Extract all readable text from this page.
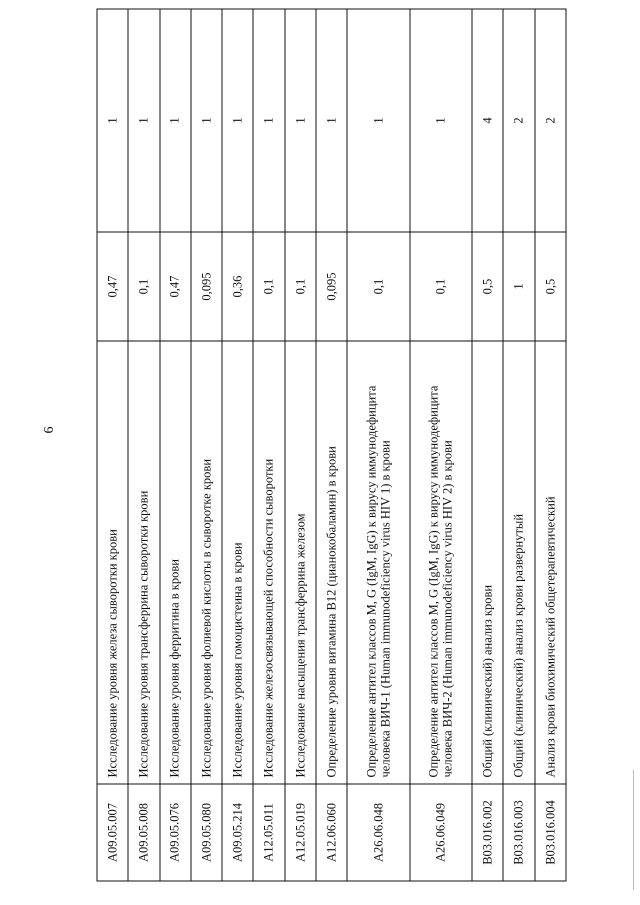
6
A09.05.007	Исследование уровня железа сыворотки крови	0,47	1
A09.05.008	Исследование уровня трансферрина сыворотки крови	0,1	1
A09.05.076	Исследование уровня ферритина в крови	0,47	1
A09.05.080	Исследование уровня фолиевой кислоты в сыворотке крови	0,095	1
A09.05.214	Исследование уровня гомоцистеина в крови	0,36	1
A12.05.011	Исследование железосвязывающей способности сыворотки	0,1	1
A12.05.019	Исследование насыщения трансферрина железом	0,1	1
A12.06.060	Определение уровня витамина B12 (цианокобаламин) в крови	0,095	1
A26.06.048	Определение антител классов M, G (IgM, IgG) к вирусу иммунодефицита человека ВИЧ-1 (Human immunodeficiency virus HIV 1) в крови	0,1	1
A26.06.049	Определение антител классов M, G (IgM, IgG) к вирусу иммунодефицита человека ВИЧ-2 (Human immunodeficiency virus HIV 2) в крови	0,1	1
B03.016.002	Общий (клинический) анализ крови	0,5	4
B03.016.003	Общий (клинический) анализ крови развернутый	1	2
B03.016.004	Анализ крови биохимический общетерапевтический	0,5	2
